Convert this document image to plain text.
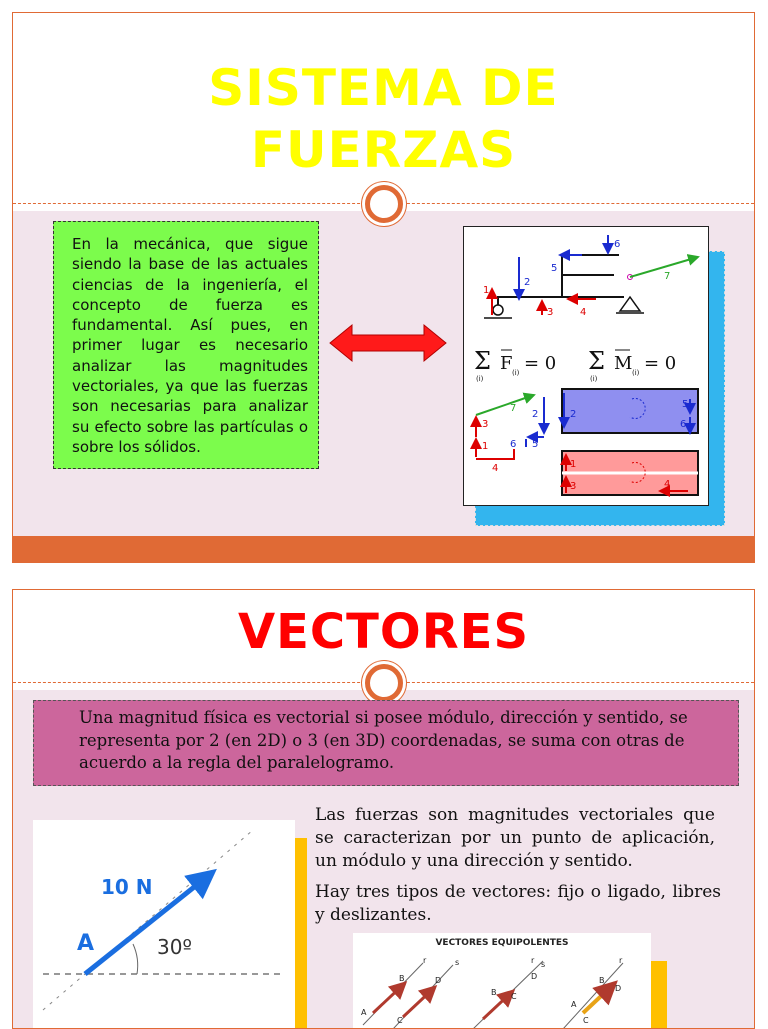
SISTEMA DE
FUERZAS
En la mecánica, que sigue siendo la base de las actuales ciencias de la ingeniería, el concepto de fuerza es fundamental. Así pues, en primer lugar es necesario analizar las magnitudes vectoriales, ya que las fuerzas son necesarias para analizar su efecto sobre las partículas o sobre los sólidos.
1
2
3	4
5
6
7
Σ
(i)
F (i) = 0 Σ
(i)
M (i) = 0
7
3
1
4
2
6 5
2
5
6
1
3	4
VECTORES
Una magnitud física es vectorial si posee módulo, dirección y sentido, se representa por 2 (en 2D) o 3 (en 3D) coordenadas, se suma con otras de acuerdo a la regla del paralelogramo.
10 N
A	30º
Las fuerzas son magnitudes vectoriales que se caracterizan por un punto de aplicación, un módulo y una dirección y sentido.
Hay tres tipos de vectores: fijo o ligado, libres y deslizantes.
VECTORES EQUIPOLENTES
A
B
C
D
r	s
B C
D
r s
A
B
C
D
r
